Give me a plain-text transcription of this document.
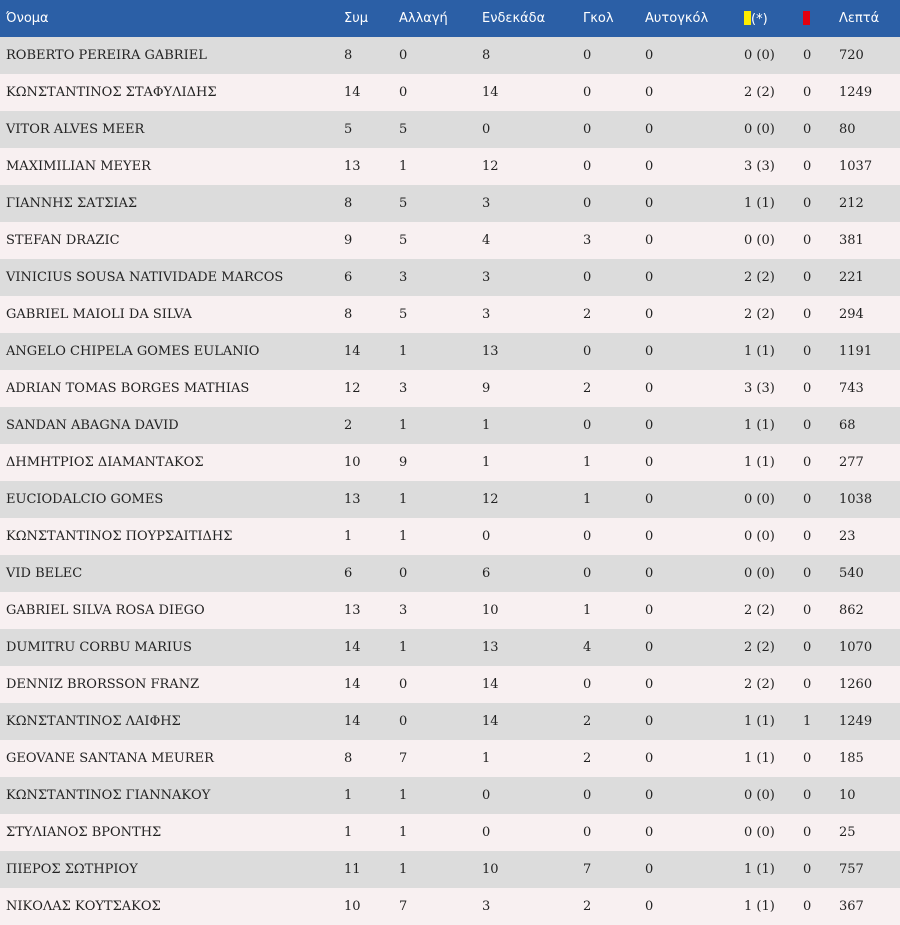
Όνομα	Συμ	Αλλαγή	Ενδεκάδα	Γκολ	Αυτογκόλ	(*)		Λεπτά
ROBERTO PEREIRA GABRIEL	8	0	8	0	0	0 (0)	0	720
ΚΩΝΣΤΑΝΤΙΝΟΣ ΣΤΑΦΥΛΙΔΗΣ	14	0	14	0	0	2 (2)	0	1249
VITOR ALVES MEER	5	5	0	0	0	0 (0)	0	80
MAXIMILIAN MEYER	13	1	12	0	0	3 (3)	0	1037
ΓΙΑΝΝΗΣ ΣΑΤΣΙΑΣ	8	5	3	0	0	1 (1)	0	212
STEFAN DRAZIC	9	5	4	3	0	0 (0)	0	381
VINICIUS SOUSA NATIVIDADE MARCOS	6	3	3	0	0	2 (2)	0	221
GABRIEL MAIOLI DA SILVA	8	5	3	2	0	2 (2)	0	294
ANGELO CHIPELA GOMES EULANIO	14	1	13	0	0	1 (1)	0	1191
ADRIAN TOMAS BORGES MATHIAS	12	3	9	2	0	3 (3)	0	743
SANDAN ABAGNA DAVID	2	1	1	0	0	1 (1)	0	68
ΔΗΜΗΤΡΙΟΣ ΔΙΑΜΑΝΤΑΚΟΣ	10	9	1	1	0	1 (1)	0	277
EUCIODALCIO GOMES	13	1	12	1	0	0 (0)	0	1038
ΚΩΝΣΤΑΝΤΙΝΟΣ ΠΟΥΡΣΑΙΤΙΔΗΣ	1	1	0	0	0	0 (0)	0	23
VID BELEC	6	0	6	0	0	0 (0)	0	540
GABRIEL SILVA ROSA DIEGO	13	3	10	1	0	2 (2)	0	862
DUMITRU CORBU MARIUS	14	1	13	4	0	2 (2)	0	1070
DENNIZ BRORSSON FRANZ	14	0	14	0	0	2 (2)	0	1260
ΚΩΝΣΤΑΝΤΙΝΟΣ ΛΑΙΦΗΣ	14	0	14	2	0	1 (1)	1	1249
GEOVANE SANTANA MEURER	8	7	1	2	0	1 (1)	0	185
ΚΩΝΣΤΑΝΤΙΝΟΣ ΓΙΑΝΝΑΚΟΥ	1	1	0	0	0	0 (0)	0	10
ΣΤΥΛΙΑΝΟΣ ΒΡΟΝΤΗΣ	1	1	0	0	0	0 (0)	0	25
ΠΙΕΡΟΣ ΣΩΤΗΡΙΟΥ	11	1	10	7	0	1 (1)	0	757
ΝΙΚΟΛΑΣ ΚΟΥΤΣΑΚΟΣ	10	7	3	2	0	1 (1)	0	367
